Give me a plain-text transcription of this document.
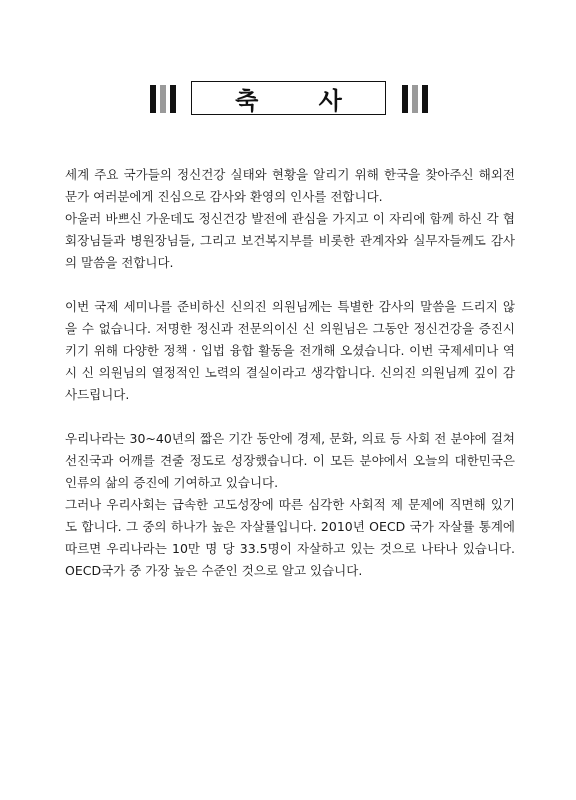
축 사

세계 주요 국가들의 정신건강 실태와 현황을 알리기 위해 한국을 찾아주신 해외전문가 여러분에게 진심으로 감사와 환영의 인사를 전합니다.

아울러 바쁘신 가운데도 정신건강 발전에 관심을 가지고 이 자리에 함께 하신 각 협회장님들과 병원장님들, 그리고 보건복지부를 비롯한 관계자와 실무자들께도 감사의 말씀을 전합니다.

이번 국제 세미나를 준비하신 신의진 의원님께는 특별한 감사의 말씀을 드리지 않을 수 없습니다. 저명한 정신과 전문의이신 신 의원님은 그동안 정신건강을 증진시키기 위해 다양한 정책 · 입법 융합 활동을 전개해 오셨습니다. 이번 국제세미나 역시 신 의원님의 열정적인 노력의 결실이라고 생각합니다. 신의진 의원님께 깊이 감사드립니다.

우리나라는 30~40년의 짧은 기간 동안에 경제, 문화, 의료 등 사회 전 분야에 걸쳐 선진국과 어깨를 견줄 정도로 성장했습니다. 이 모든 분야에서 오늘의 대한민국은 인류의 삶의 증진에 기여하고 있습니다.

그러나 우리사회는 급속한 고도성장에 따른 심각한 사회적 제 문제에 직면해 있기도 합니다. 그 중의 하나가 높은 자살률입니다. 2010년 OECD 국가 자살률 통계에 따르면 우리나라는 10만 명 당 33.5명이 자살하고 있는 것으로 나타나 있습니다. OECD국가 중 가장 높은 수준인 것으로 알고 있습니다.
